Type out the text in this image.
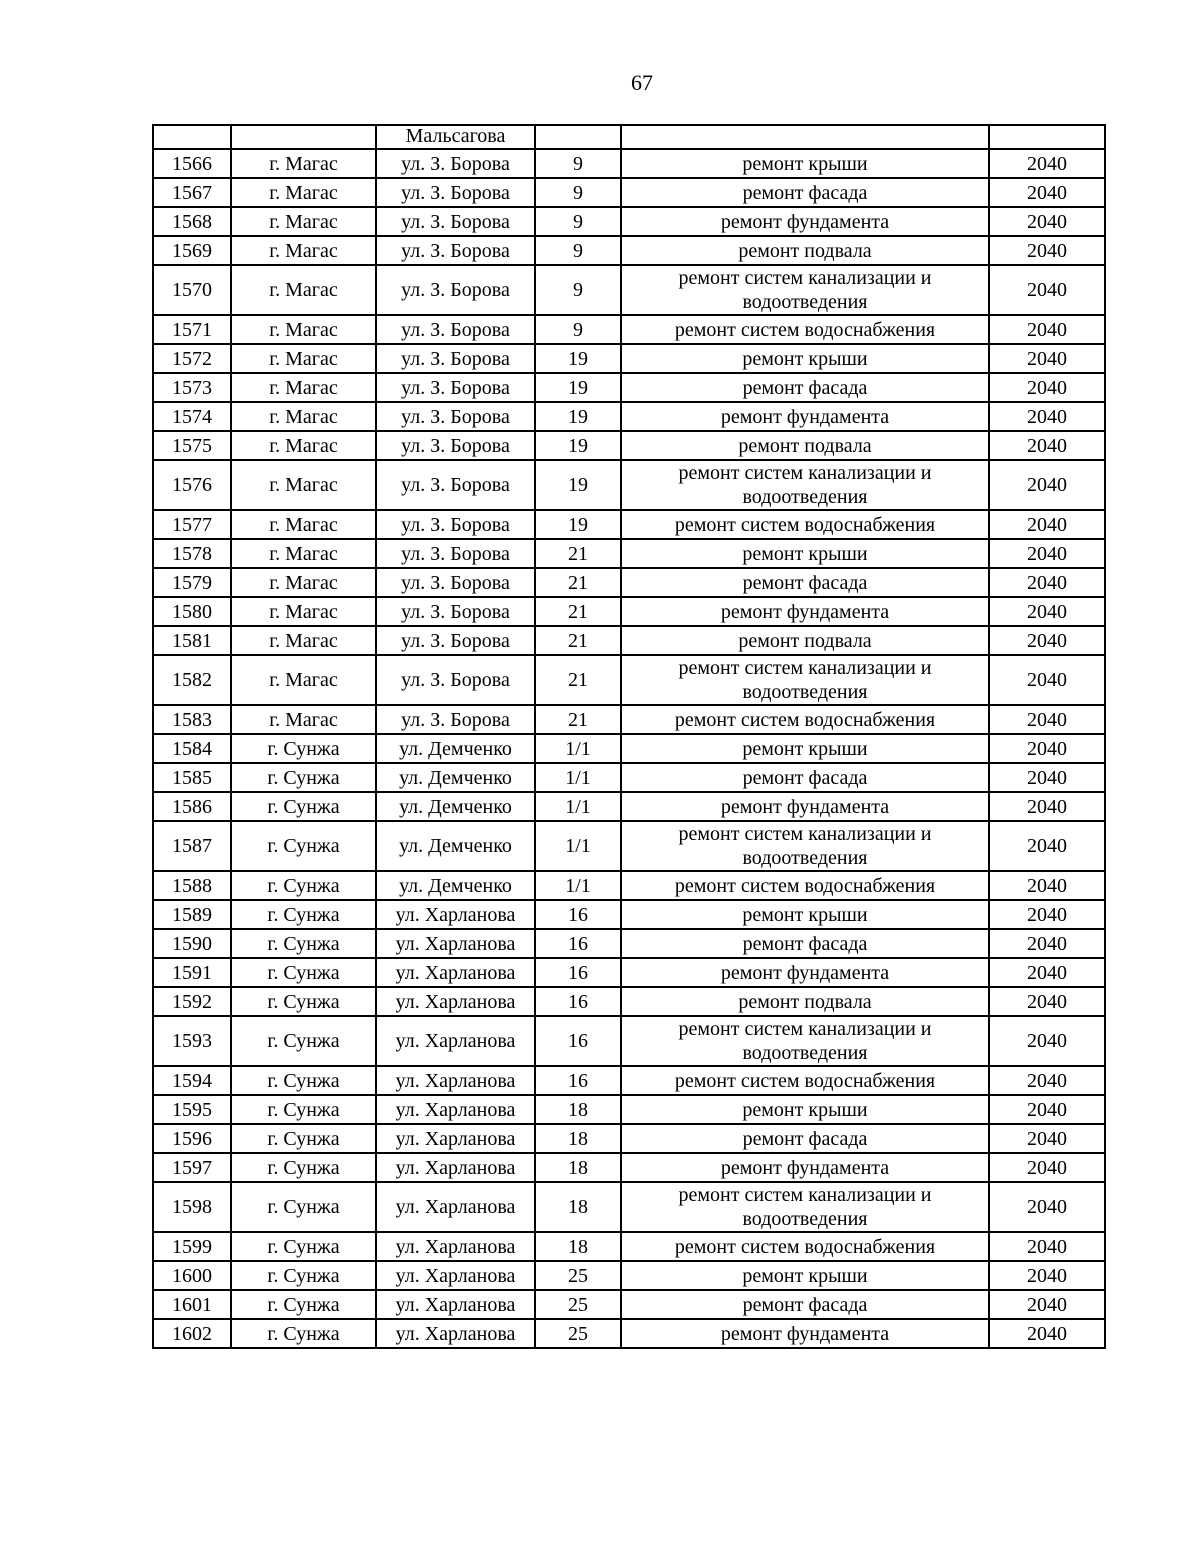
67
		Мальсагова			
1566	г. Магас	ул. З. Борова	9	ремонт крыши	2040
1567	г. Магас	ул. З. Борова	9	ремонт фасада	2040
1568	г. Магас	ул. З. Борова	9	ремонт фундамента	2040
1569	г. Магас	ул. З. Борова	9	ремонт подвала	2040
1570	г. Магас	ул. З. Борова	9	ремонт систем канализации и водоотведения	2040
1571	г. Магас	ул. З. Борова	9	ремонт систем водоснабжения	2040
1572	г. Магас	ул. З. Борова	19	ремонт крыши	2040
1573	г. Магас	ул. З. Борова	19	ремонт фасада	2040
1574	г. Магас	ул. З. Борова	19	ремонт фундамента	2040
1575	г. Магас	ул. З. Борова	19	ремонт подвала	2040
1576	г. Магас	ул. З. Борова	19	ремонт систем канализации и водоотведения	2040
1577	г. Магас	ул. З. Борова	19	ремонт систем водоснабжения	2040
1578	г. Магас	ул. З. Борова	21	ремонт крыши	2040
1579	г. Магас	ул. З. Борова	21	ремонт фасада	2040
1580	г. Магас	ул. З. Борова	21	ремонт фундамента	2040
1581	г. Магас	ул. З. Борова	21	ремонт подвала	2040
1582	г. Магас	ул. З. Борова	21	ремонт систем канализации и водоотведения	2040
1583	г. Магас	ул. З. Борова	21	ремонт систем водоснабжения	2040
1584	г. Сунжа	ул. Демченко	1/1	ремонт крыши	2040
1585	г. Сунжа	ул. Демченко	1/1	ремонт фасада	2040
1586	г. Сунжа	ул. Демченко	1/1	ремонт фундамента	2040
1587	г. Сунжа	ул. Демченко	1/1	ремонт систем канализации и водоотведения	2040
1588	г. Сунжа	ул. Демченко	1/1	ремонт систем водоснабжения	2040
1589	г. Сунжа	ул. Харланова	16	ремонт крыши	2040
1590	г. Сунжа	ул. Харланова	16	ремонт фасада	2040
1591	г. Сунжа	ул. Харланова	16	ремонт фундамента	2040
1592	г. Сунжа	ул. Харланова	16	ремонт подвала	2040
1593	г. Сунжа	ул. Харланова	16	ремонт систем канализации и водоотведения	2040
1594	г. Сунжа	ул. Харланова	16	ремонт систем водоснабжения	2040
1595	г. Сунжа	ул. Харланова	18	ремонт крыши	2040
1596	г. Сунжа	ул. Харланова	18	ремонт фасада	2040
1597	г. Сунжа	ул. Харланова	18	ремонт фундамента	2040
1598	г. Сунжа	ул. Харланова	18	ремонт систем канализации и водоотведения	2040
1599	г. Сунжа	ул. Харланова	18	ремонт систем водоснабжения	2040
1600	г. Сунжа	ул. Харланова	25	ремонт крыши	2040
1601	г. Сунжа	ул. Харланова	25	ремонт фасада	2040
1602	г. Сунжа	ул. Харланова	25	ремонт фундамента	2040
